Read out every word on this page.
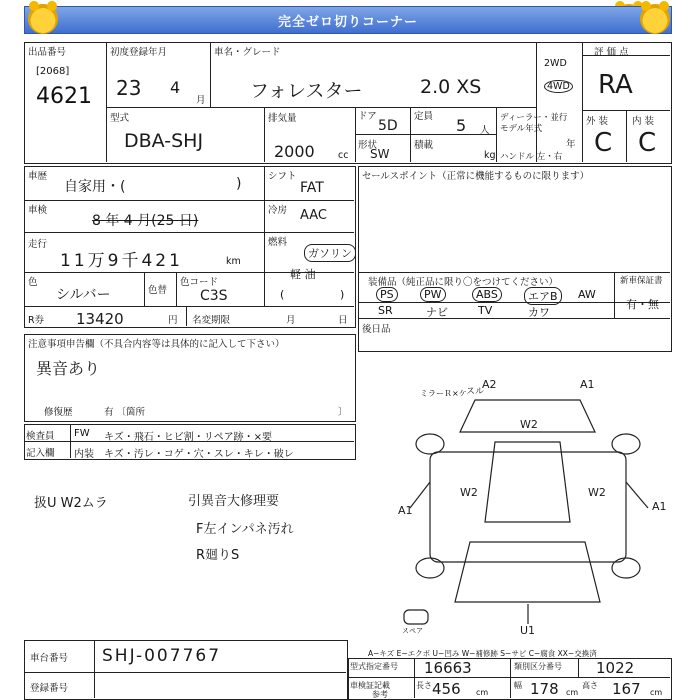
完全ゼロ切りコーナー
出品番号
[2068]
4621
初度登録年月
23 4
月
車名・グレード
フォレスター	2.0 XS
2WD
4WD
評 価 点
RA
外 装	内 装
C C
型式
DBA-SHJ
排気量
2000 cc
ドア
5D
定員 5 人
形状
SW
積載
kg
ディーラー・並行
モデル年式
年
ハンドル 左・右
車歴
自家用・(	)	シフト
FAT
車検
8 年 4 月(25 日)
冷房 AAC
走行
11万9千421	km
燃料
ガソリン
軽 油
(	)
色
シルバー	色替
色コード
C3S
R券 13420	円 名変期限	月	日
セールスポイント（正常に機能するものに限ります）
装備品（純正品に限り〇をつけてください）	新車保証書
有・無
PS	PW	ABS	エアB	AW
SR	ナビ	TV	カワ
後日品
注意事項申告欄（不具合内容等は具体的に記入して下さい）
異音あり
修復歴	有 〔箇所	〕
検査員
記入欄
FW キズ・飛石・ヒビ割・リペア跡・×要
内装 キズ・汚レ・コゲ・穴・スレ・キレ・破レ
扱U W2ムラ	引異音大修理要
F左インパネ汚れ
R廻りS
ミラーＲ×ケ スル
A2	A1
W2
W2	W2
A1	A1
U1
スペア
A−キズ E−エクボ U−凹み W−補修跡 S−サビ C−腐食 XX−交換済
車台番号 SHJ-007767
登録番号
型式指定番号 16663	類別区分番号 1022
車検証記載
参考
長さ 456 cm
幅 178 cm
高さ 167 cm
